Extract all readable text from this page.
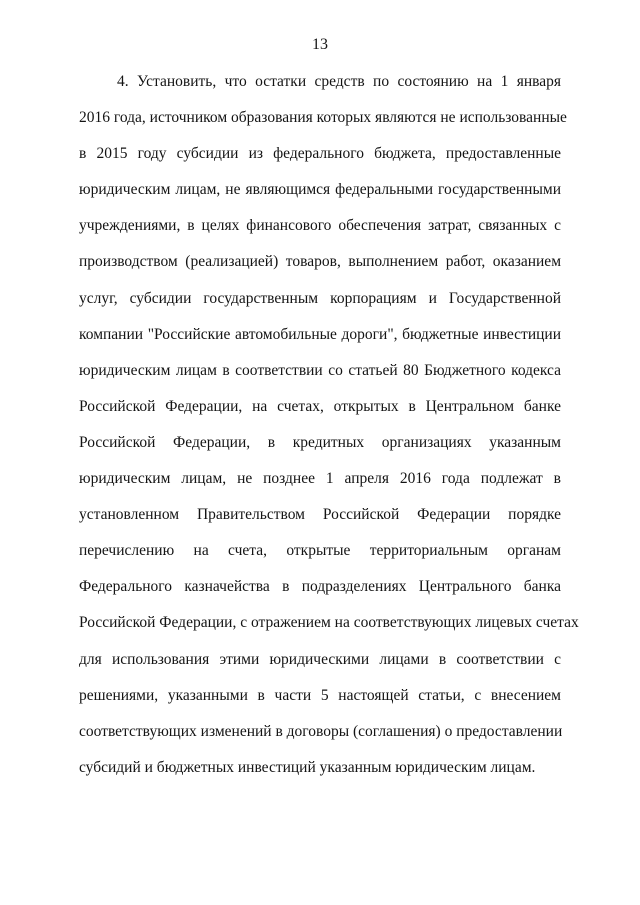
13
4. Установить, что остатки средств по состоянию на 1 января
2016 года, источником образования которых являются не использованные
в 2015 году субсидии из федерального бюджета, предоставленные
юридическим лицам, не являющимся федеральными государственными
учреждениями, в целях финансового обеспечения затрат, связанных с
производством (реализацией) товаров, выполнением работ, оказанием
услуг, субсидии государственным корпорациям и Государственной
компании "Российские автомобильные дороги", бюджетные инвестиции
юридическим лицам в соответствии со статьей 80 Бюджетного кодекса
Российской Федерации, на счетах, открытых в Центральном банке
Российской Федерации, в кредитных организациях указанным
юридическим лицам, не позднее 1 апреля 2016 года подлежат в
установленном Правительством Российской Федерации порядке
перечислению на счета, открытые территориальным органам
Федерального казначейства в подразделениях Центрального банка
Российской Федерации, с отражением на соответствующих лицевых счетах
для использования этими юридическими лицами в соответствии с
решениями, указанными в части 5 настоящей статьи, с внесением
соответствующих изменений в договоры (соглашения) о предоставлении
субсидий и бюджетных инвестиций указанным юридическим лицам.
